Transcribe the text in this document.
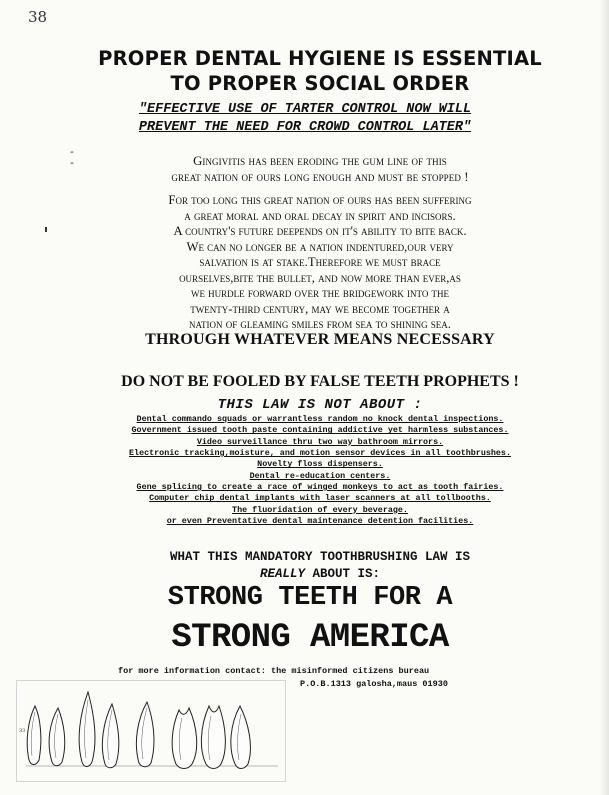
38
PROPER DENTAL HYGIENE IS ESSENTIAL
TO PROPER SOCIAL ORDER
"EFFECTIVE USE OF TARTER CONTROL NOW WILL
PREVENT THE NEED FOR CROWD CONTROL LATER"
-
-	Gingivitis has been eroding the gum line of this
great nation of ours long enough and must be stopped !
For too long this great nation of ours has been suffering
a great moral and oral decay in spirit and incisors.
A country's future deepends on it's ability to bite back.
We can no longer be a nation indentured,our very
salvation is at stake.Therefore we must brace
ourselves,bite the bullet, and now more than ever,as
we hurdle forward over the bridgework into the
twenty-third century, may we become together a
nation of gleaming smiles from sea to shining sea.
THROUGH WHATEVER MEANS NECESSARY
DO NOT BE FOOLED BY FALSE TEETH PROPHETS !
THIS LAW IS NOT ABOUT :
Dental commando squads or warrantless random no knock dental inspections.
Government issued tooth paste containing addictive yet harmless substances.
Video surveillance thru two way bathroom mirrors.
Electronic tracking,moisture, and motion sensor devices in all toothbrushes.
Novelty floss dispensers.
Dental re-education centers.
Gene splicing to create a race of winged monkeys to act as tooth fairies.
Computer chip dental implants with laser scanners at all tollbooths.
The fluoridation of every beverage.
or even Preventative dental maintenance detention facilities.
WHAT THIS MANDATORY TOOTHBRUSHING LAW IS
REALLY ABOUT IS:
STRONG TEETH FOR A
STRONG AMERICA
for more information contact: the misinformed citizens bureau
P.O.B.1313 galosha,maus 01930
33
